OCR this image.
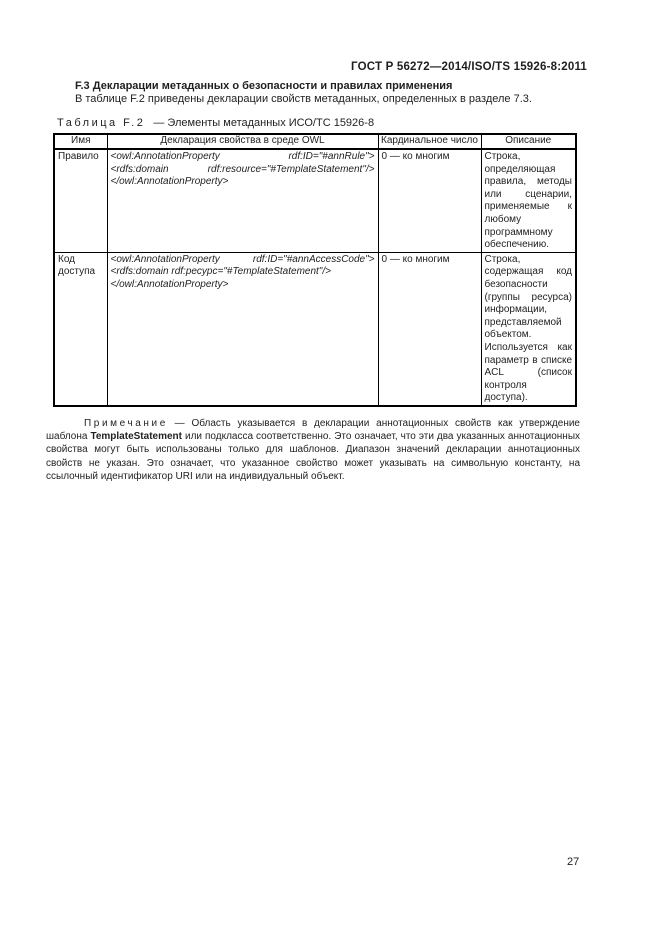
ГОСТ Р 56272—2014/ISO/TS 15926-8:2011
F.3 Декларации метаданных о безопасности и правилах применения
В таблице F.2 приведены декларации свойств метаданных, определенных в разделе 7.3.
Таблица F.2 — Элементы метаданных ИСО/ТС 15926-8
Имя	Декларация свойства в среде OWL	Кардинальное число	Описание
Правило	<owl:AnnotationProperty rdf:ID="#annRule">
<rdfs:domain rdf:resource="#TemplateStatement"/>
</owl:AnnotationProperty>	0 — ко многим	Строка, определяющая правила, методы или сценарии, применяемые к любому программному обеспечению.
Код доступа	<owl:AnnotationProperty rdf:ID="#annAccessCode">
<rdfs:domain rdf:pecypc="#TemplateStatement"/>
</owl:AnnotationProperty>	0 — ко многим	Строка, содержащая код безопасности (группы ресурса) информации, представляемой объектом. Используется как параметр в списке ACL (список контроля доступа).
Примечание — Область указывается в декларации аннотационных свойств как утверждение шаблона TemplateStatement или подкласса соответственно. Это означает, что эти два указанных аннотационных свойства могут быть использованы только для шаблонов. Диапазон значений декларации аннотационных свойств не указан. Это означает, что указанное свойство может указывать на символьную константу, на ссылочный идентификатор URI или на индивидуальный объект.
27
